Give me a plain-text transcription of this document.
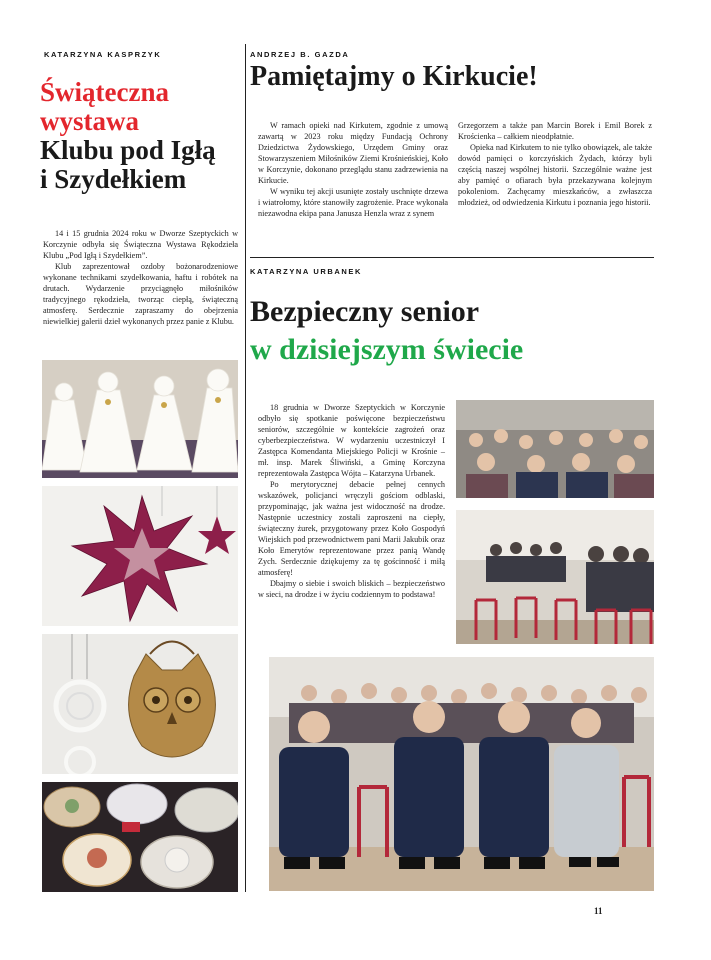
KATARZYNA KASPRZYK
Świąteczna
wystawa
Klubu pod Igłą
i Szydełkiem

14 i 15 grudnia 2024 roku w Dworze Szeptyckich w Korczynie odbyła się Świąteczna Wystawa Rękodzieła Klubu „Pod Igłą i Szydełkiem”.

Klub zaprezentował ozdoby bożonarodzeniowe wykonane technikami szydełkowania, haftu i robótek na drutach. Wydarzenie przyciągnęło miłośników tradycyjnego rękodzieła, tworząc ciepłą, świąteczną atmosferę. Serdecznie zapraszamy do obejrzenia niewielkiej galerii dzieł wykonanych przez panie z Klubu.

ANDRZEJ B. GAZDA
Pamiętajmy o Kirkucie!

W ramach opieki nad Kirkutem, zgodnie z umową zawartą w 2023 roku między Fundacją Ochrony Dziedzictwa Żydowskiego, Urzędem Gminy oraz Stowarzyszeniem Miłośników Ziemi Krośnieńskiej, Koło w Korczynie, dokonano przeglądu stanu zadrzewienia na Kirkucie.

W wyniku tej akcji usunięte zostały uschnięte drzewa i wiatrołomy, które stanowiły zagrożenie. Prace wykonała niezawodna ekipa pana Janusza Henzla wraz z synem

Grzegorzem a także pan Marcin Borek i Emil Borek z Krościenka – całkiem nieodpłatnie.

Opieka nad Kirkutem to nie tylko obowiązek, ale także dowód pamięci o korczyńskich Żydach, którzy byli częścią naszej wspólnej historii. Szczególnie ważne jest aby pamięć o ofiarach była przekazywana kolejnym pokoleniom. Zachęcamy mieszkańców, a zwłaszcza młodzież, od odwiedzenia Kirkutu i poznania jego historii.

KATARZYNA URBANEK
Bezpieczny senior
w dzisiejszym świecie

18 grudnia w Dworze Szeptyckich w Korczynie odbyło się spotkanie poświęcone bezpieczeństwu seniorów, szczególnie w kontekście zagrożeń oraz cyberbezpieczeństwa. W wydarzeniu uczestniczył I Zastępca Komendanta Miejskiego Policji w Krośnie – mł. insp. Marek Śliwiński, a Gminę Korczyna reprezentowała Zastępca Wójta – Katarzyna Urbanek.

Po merytorycznej debacie pełnej cennych wskazówek, policjanci wręczyli gościom odblaski, przypominając, jak ważna jest widoczność na drodze. Następnie uczestnicy zostali zaproszeni na ciepły, świąteczny żurek, przygotowany przez Koło Gospodyń Wiejskich pod przewodnictwem pani Marii Jakubik oraz Koło Emerytów reprezentowane przez panią Wandę Zych. Serdecznie dziękujemy za tę gościnność i miłą atmosferę!

Dbajmy o siebie i swoich bliskich – bezpieczeństwo w sieci, na drodze i w życiu codziennym to podstawa!

11
